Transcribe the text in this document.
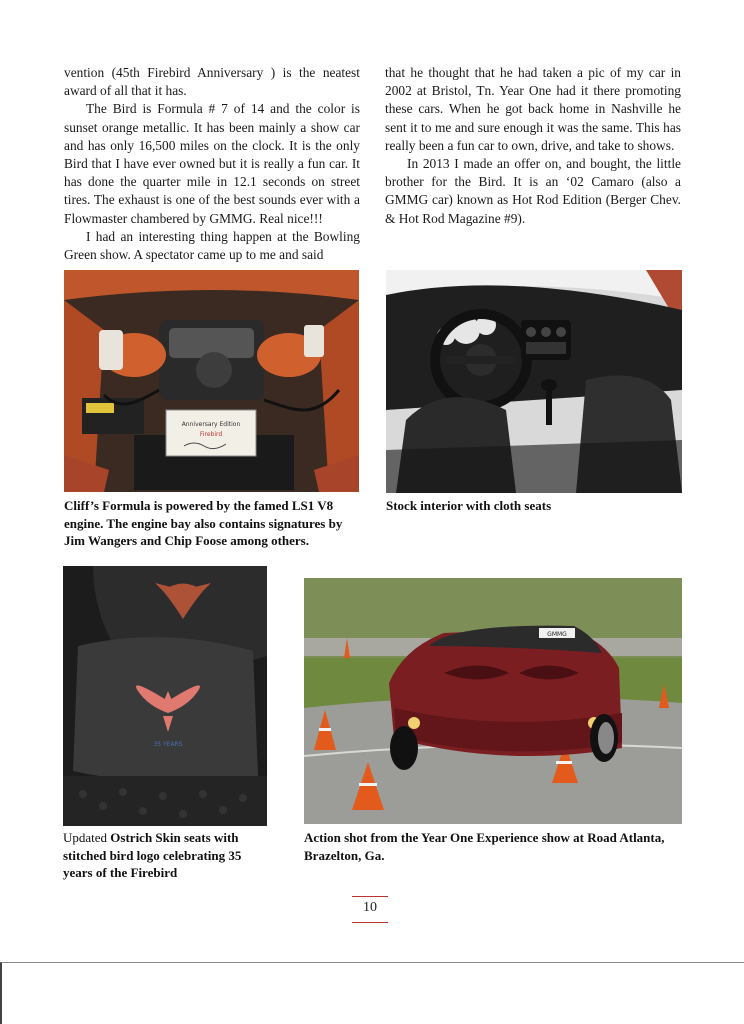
vention (45th Firebird Anniversary ) is the neatest award of all that it has.

The Bird is Formula # 7 of 14 and the color is sunset orange metallic. It has been mainly a show car and has only 16,500 miles on the clock. It is the only Bird that I have ever owned but it is really a fun car. It has done the quarter mile in 12.1 seconds on street tires. The exhaust is one of the best sounds ever with a Flowmaster chambered by GMMG. Real nice!!!

I had an interesting thing happen at the Bowling Green show. A spectator came up to me and said

that he thought that he had taken a pic of my car in 2002 at Bristol, Tn. Year One had it there promoting these cars. When he got back home in Nashville he sent it to me and sure enough it was the same. This has really been a fun car to own, drive, and take to shows.

In 2013 I made an offer on, and bought, the little brother for the Bird. It is an ‘02 Camaro (also a GMMG car) known as Hot Rod Edition (Berger Chev. & Hot Rod Magazine #9).

Anniversary Edition
Firebird
Cliff’s Formula is powered by the famed LS1 V8 engine. The engine bay also contains signatures by Jim Wangers and Chip Foose among others.
Stock interior with cloth seats
35 YEARS
GMMG
Updated Ostrich Skin seats with stitched bird logo celebrating 35 years of the Firebird
Action shot from the Year One Experience show at Road Atlanta, Brazelton, Ga.
10
